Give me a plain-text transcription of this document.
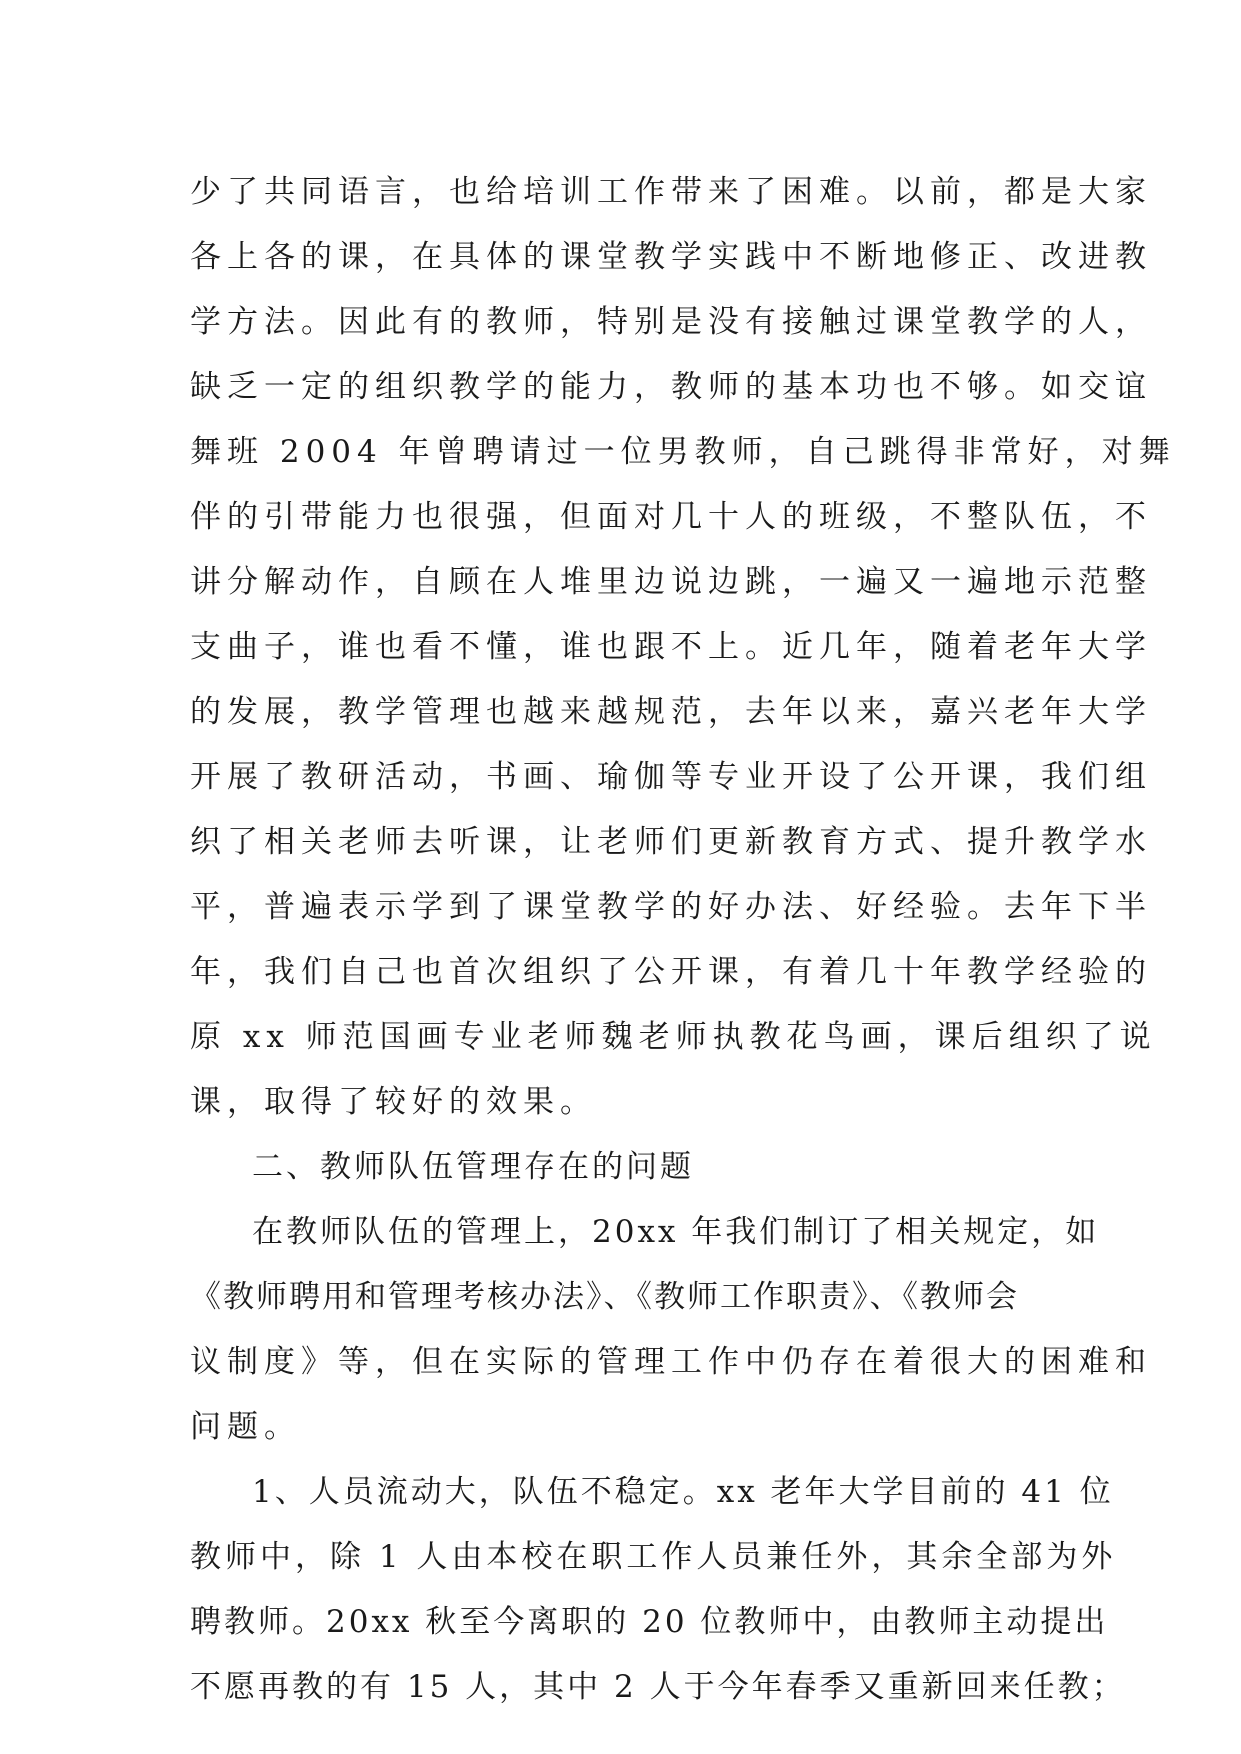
少了共同语言，也给培训工作带来了困难。以前，都是大家
各上各的课，在具体的课堂教学实践中不断地修正、改进教
学方法。因此有的教师，特别是没有接触过课堂教学的人，
缺乏一定的组织教学的能力，教师的基本功也不够。如交谊
舞班 2004 年曾聘请过一位男教师，自己跳得非常好，对舞
伴的引带能力也很强，但面对几十人的班级，不整队伍，不
讲分解动作，自顾在人堆里边说边跳，一遍又一遍地示范整
支曲子，谁也看不懂，谁也跟不上。近几年，随着老年大学
的发展，教学管理也越来越规范，去年以来，嘉兴老年大学
开展了教研活动，书画、瑜伽等专业开设了公开课，我们组
织了相关老师去听课，让老师们更新教育方式、提升教学水
平，普遍表示学到了课堂教学的好办法、好经验。去年下半
年，我们自己也首次组织了公开课，有着几十年教学经验的
原 xx 师范国画专业老师魏老师执教花鸟画，课后组织了说
课，取得了较好的效果。
二、教师队伍管理存在的问题
在教师队伍的管理上，20xx 年我们制订了相关规定，如
《教师聘用和管理考核办法》、《教师工作职责》、《教师会
议制度》等，但在实际的管理工作中仍存在着很大的困难和
问题。
1、人员流动大，队伍不稳定。xx 老年大学目前的 41 位
教师中，除 1 人由本校在职工作人员兼任外，其余全部为外
聘教师。20xx 秋至今离职的 20 位教师中，由教师主动提出
不愿再教的有 15 人，其中 2 人于今年春季又重新回来任教；
